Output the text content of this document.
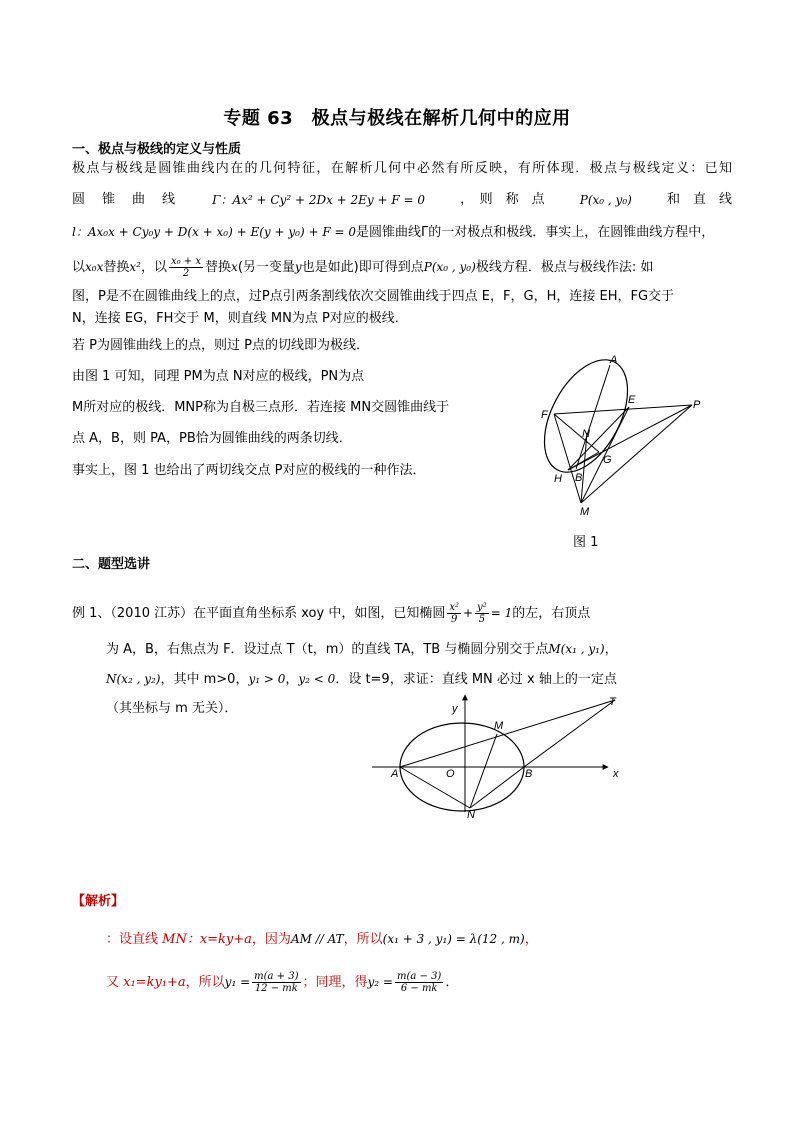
专题 63　极点与极线在解析几何中的应用
一、极点与极线的定义与性质
极点与极线是圆锥曲线内在的几何特征，在解析几何中必然有所反映，有所体现．极点与极线定义：已知
圆　锥　曲　线	Γ：Ax² + Cy² + 2Dx + 2Ey + F = 0	，　则　称　点	P(x₀ , y₀)	和　直　线
l：Ax₀x + Cy₀y + D(x + x₀) + E(y + y₀) + F = 0是圆锥曲线Γ的一对极点和极线．事实上，在圆锥曲线方程中，
以x₀x替换x²，以 $\frac{\text{x₀ + x}}{2}$ 替换x(另一变量y也是如此)即可得到点P(x₀ , y₀)极线方程．极点与极线作法: 如
图，P是不在圆锥曲线上的点，过P点引两条割线依次交圆锥曲线于四点 E，F，G，H，连接 EH，FG交于
N，连接 EG，FH交于 M，则直线 MN为点 P对应的极线．
若 P为圆锥曲线上的点，则过 P点的切线即为极线．
由图 1 可知，同理 PM为点 N对应的极线，PN为点
M所对应的极线．MNP称为自极三点形．若连接 MN交圆锥曲线于
点 A，B，则 PA，PB恰为圆锥曲线的两条切线．
事实上，图 1 也给出了两切线交点 P对应的极线的一种作法．
A
E	P
F
N
G
H B
M
图 1
二、题型选讲
例 1、（2010 江苏）在平面直角坐标系 xoy 中，如图，已知椭圆 $\frac{\text{x²}}{9} + \frac{\text{y²}}{5} = 1$的左，右顶点
为 A，B，右焦点为 F．设过点 T（t，m）的直线 TA，TB 与椭圆分别交于点M(x₁ , y₁)，
N(x₂ , y₂)，其中 m>0，y₁ > 0，y₂ < 0．设 t=9，求证：直线 MN 必过 x 轴上的一定点
（其坐标与 m 无关）．	y
M
T
A	O	B	x
N
【解析】
：设直线 MN：x=ky+a，因为AM // AT，所以(x₁ + 3 , y₁) = λ(12 , m)，
又 x₁=ky₁+a，所以$y_1 = \frac{m(a + 3)}{12 - mk}$ ；同理，得$y_2 = \frac{m(a - 3)}{6 - mk}$ ．
